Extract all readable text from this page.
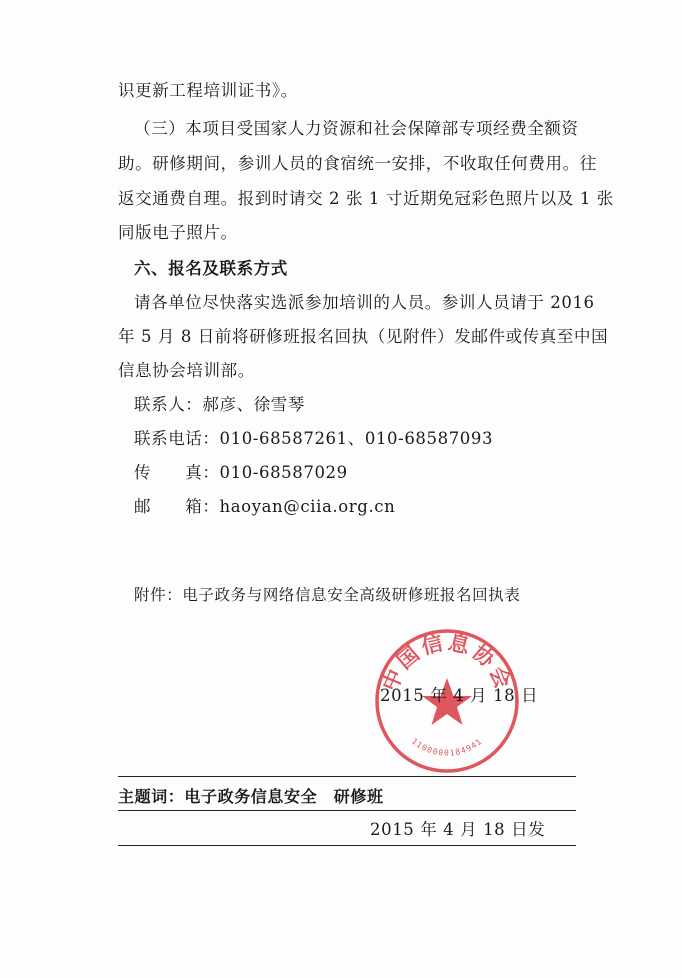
识更新工程培训证书》。
（三）本项目受国家人力资源和社会保障部专项经费全额资
助。研修期间，参训人员的食宿统一安排，不收取任何费用。往
返交通费自理。报到时请交 2 张 1 寸近期免冠彩色照片以及 1 张
同版电子照片。
六、报名及联系方式
请各单位尽快落实选派参加培训的人员。参训人员请于 2016
年 5 月 8 日前将研修班报名回执（见附件）发邮件或传真至中国
信息协会培训部。
联系人：郝彦、徐雪琴
联系电话：010-68587261、010-68587093
传　　真：010-68587029
邮　　箱：haoyan@ciia.org.cn
附件：电子政务与网络信息安全高级研修班报名回执表
中国信息协会
1100000184941
2015 年 4 月 18 日
主题词：电子政务信息安全　研修班
2015 年 4 月 18 日发
